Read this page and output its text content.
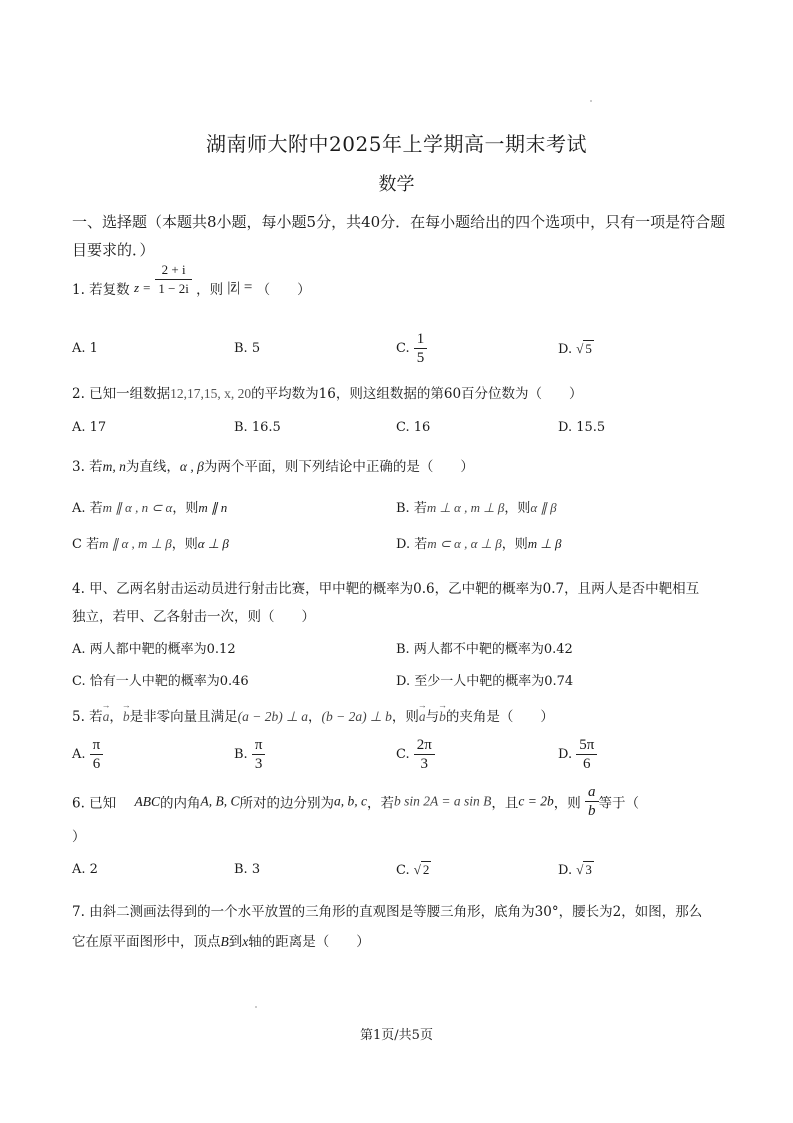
湖南师大附中2025年上学期高一期末考试
数学
一、选择题（本题共8小题，每小题5分，共40分．在每小题给出的四个选项中，只有一项是符合题目要求的．）
1. 若复数 $z = \frac{2 + i}{1 - 2i}$ ，则 |z̄| = （　　）
A. 1	B. 5	C. $\frac{1}{5}$	D. √ 5
2. 已知一组数据12,17,15, x, 20的平均数为16，则这组数据的第60百分位数为（　　）
A. 17	B. 16.5	C. 16	D. 15.5
3. 若m, n为直线，α , β为两个平面，则下列结论中正确的是（　　）
A. 若m ∥ α , n ⊂ α，则m ∥ n	B. 若m ⊥ α , m ⊥ β，则α ∥ β
C 若m ∥ α , m ⊥ β，则α ⊥ β	D. 若m ⊂ α , α ⊥ β，则m ⊥ β
4. 甲、乙两名射击运动员进行射击比赛，甲中靶的概率为0.6，乙中靶的概率为0.7，且两人是否中靶相互
独立，若甲、乙各射击一次，则（　　）
A. 两人都中靶的概率为0.12	B. 两人都不中靶的概率为0.42
C. 恰有一人中靶的概率为0.46	D. 至少一人中靶的概率为0.74
5. 若→ a，→ b是非零向量且满足(a − 2b) ⊥ a，(b − 2a) ⊥ b，则→ a与→ b的夹角是（　　）
A. $\frac{\pi}{6}$	B. $\frac{\pi}{3}$	C. $\frac{2\pi}{3}$	D. $\frac{5\pi}{6}$
6. 已知 ABC的内角A, B, C所对的边分别为a, b, c，若b sin 2A = a sin B，且c = 2b，则 $\frac{a}{b}$ 等于（
）
A. 2	B. 3	C. √ 2	D. √ 3
7. 由斜二测画法得到的一个水平放置的三角形的直观图是等腰三角形，底角为30°，腰长为2，如图，那么
它在原平面图形中，顶点B到x轴的距离是（　　）
第1页/共5页
